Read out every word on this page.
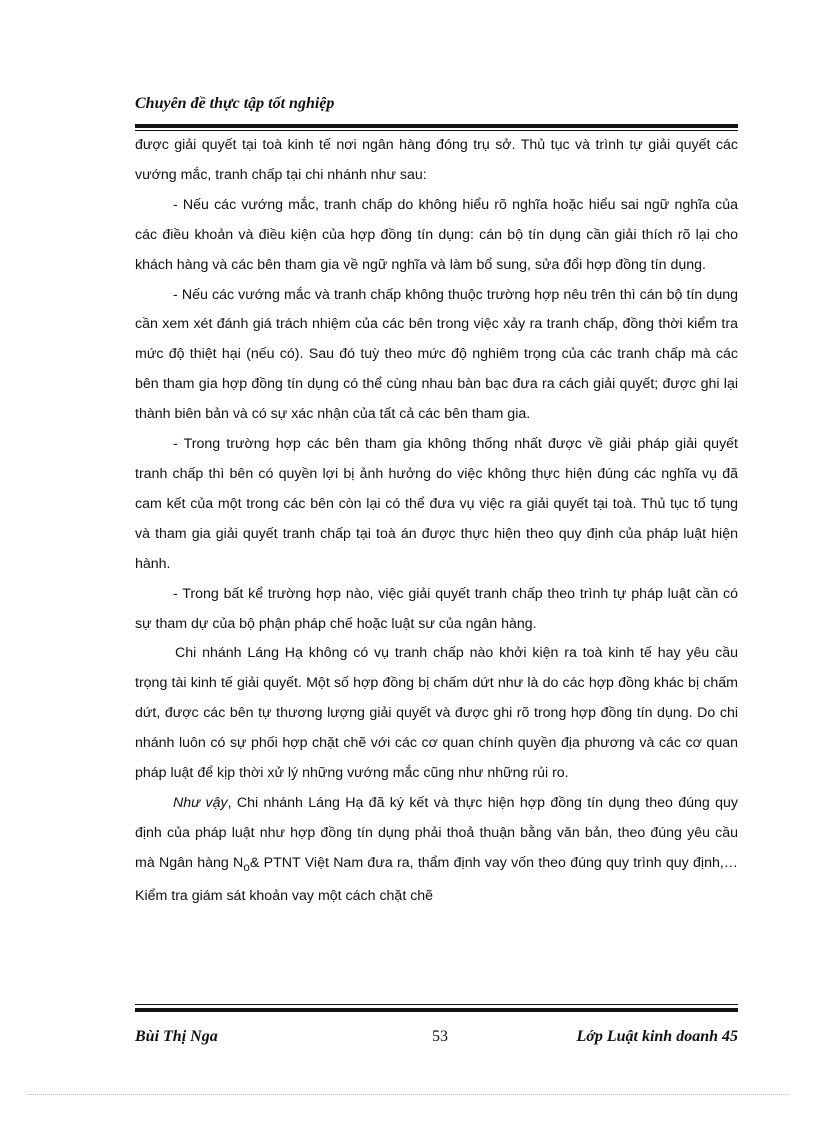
Chuyên đề thực tập tốt nghiệp

được giải quyết tại toà kinh tế nơi ngân hàng đóng trụ sở. Thủ tục và trình tự giải quyết các vướng mắc, tranh chấp tại chi nhánh như sau:

- Nếu các vướng mắc, tranh chấp do không hiểu rõ nghĩa hoặc hiểu sai ngữ nghĩa của các điều khoản và điều kiện của hợp đồng tín dụng: cán bộ tín dụng cần giải thích rõ lại cho khách hàng và các bên tham gia về ngữ nghĩa và làm bổ sung, sửa đổi hợp đồng tín dụng.

- Nếu các vướng mắc và tranh chấp không thuộc trường hợp nêu trên thì cán bộ tín dụng cần xem xét đánh giá trách nhiệm của các bên trong việc xảy ra tranh chấp, đồng thời kiểm tra mức độ thiệt hại (nếu có). Sau đó tuỳ theo mức độ nghiêm trọng của các tranh chấp mà các bên tham gia hợp đồng tín dụng có thể cùng nhau bàn bạc đưa ra cách giải quyết; được ghi lại thành biên bản và có sự xác nhận của tất cả các bên tham gia.

- Trong trường hợp các bên tham gia không thống nhất được về giải pháp giải quyết tranh chấp thì bên có quyền lợi bị ảnh hưởng do việc không thực hiện đúng các nghĩa vụ đã cam kết của một trong các bên còn lại có thể đưa vụ việc ra giải quyết tại toà. Thủ tục tố tụng và tham gia giải quyết tranh chấp tại toà án được thực hiện theo quy định của pháp luật hiện hành.

- Trong bất kể trường hợp nào, việc giải quyết tranh chấp theo trình tự pháp luật cần có sự tham dự của bộ phận pháp chế hoặc luật sư của ngân hàng.

Chi nhánh Láng Hạ không có vụ tranh chấp nào khởi kiện ra toà kinh tế hay yêu cầu trọng tài kinh tế giải quyết. Một số hợp đồng bị chấm dứt như là do các hợp đồng khác bị chấm dứt, được các bên tự thương lượng giải quyết và được ghi rõ trong hợp đồng tín dụng. Do chi nhánh luôn có sự phối hợp chặt chẽ với các cơ quan chính quyền địa phương và các cơ quan pháp luật để kịp thời xử lý những vướng mắc cũng như những rủi ro.

Như vậy, Chi nhánh Láng Hạ đã ký kết và thực hiện hợp đồng tín dụng theo đúng quy định của pháp luật như hợp đồng tín dụng phải thoả thuận bằng văn bản, theo đúng yêu cầu mà Ngân hàng $N_o\&$ PTNT Việt Nam đưa ra, thẩm định vay vốn theo đúng quy trình quy định,…Kiểm tra giám sát khoản vay một cách chặt chẽ

Bùi Thị Nga	53	Lớp Luật kinh doanh 45
